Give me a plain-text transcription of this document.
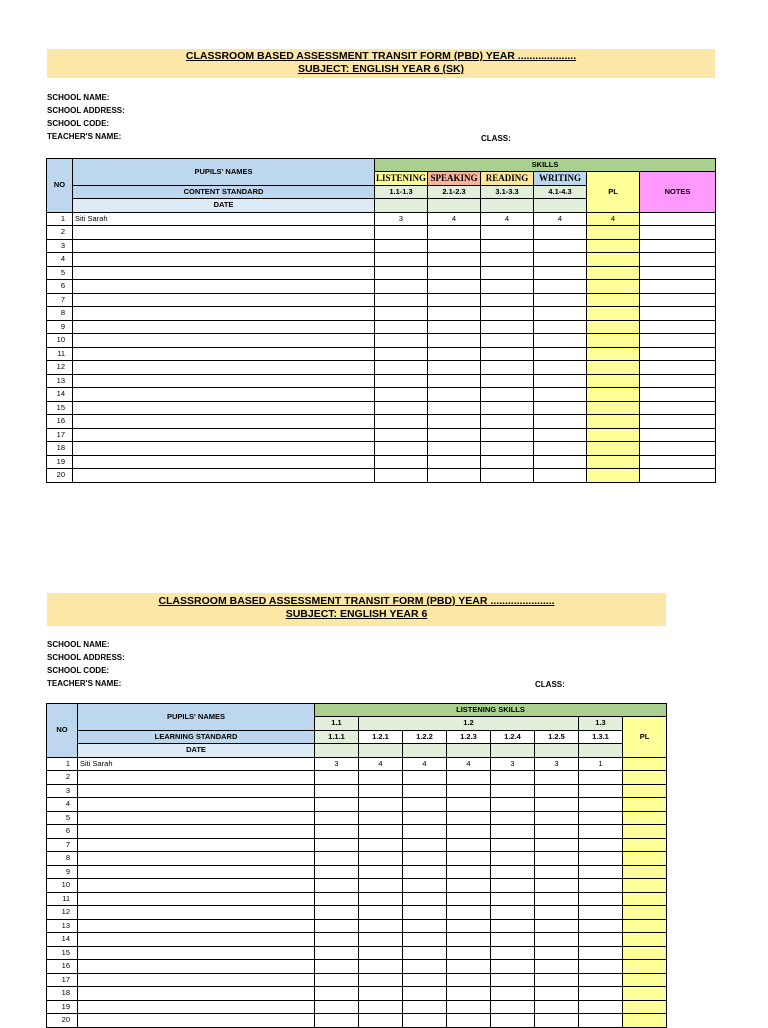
CLASSROOM BASED ASSESSMENT TRANSIT FORM (PBD) YEAR ....................
SUBJECT: ENGLISH YEAR 6 (SK)
SCHOOL NAME:
SCHOOL ADDRESS:
SCHOOL CODE:
TEACHER'S NAME:	CLASS:
NO	PUPILS' NAMES	SKILLS					
		LISTENING	SPEAKING	READING	WRITING	PL	NOTES
	CONTENT STANDARD	1.1-1.3	2.1-2.3	3.1-3.3	4.1-4.3		
	DATE						
1	Siti Sarah	3	4	4	4	4	
2							
3							
4							
5							
6							
7							
8							
9							
10							
11							
12							
13							
14							
15							
16							
17							
18							
19							
20							
CLASSROOM BASED ASSESSMENT TRANSIT FORM (PBD) YEAR ......................
SUBJECT: ENGLISH YEAR 6
SCHOOL NAME:
SCHOOL ADDRESS:
SCHOOL CODE:
TEACHER'S NAME:	CLASS:
NO	PUPILS' NAMES	LISTENING SKILLS							
		1.1	1.2					1.3	PL
	LEARNING STANDARD	1.1.1	1.2.1	1.2.2	1.2.3	1.2.4	1.2.5	1.3.1	
	DATE								
1	Siti Sarah	3	4	4	4	3	3	1	
2									
3									
4									
5									
6									
7									
8									
9									
10									
11									
12									
13									
14									
15									
16									
17									
18									
19									
20									
